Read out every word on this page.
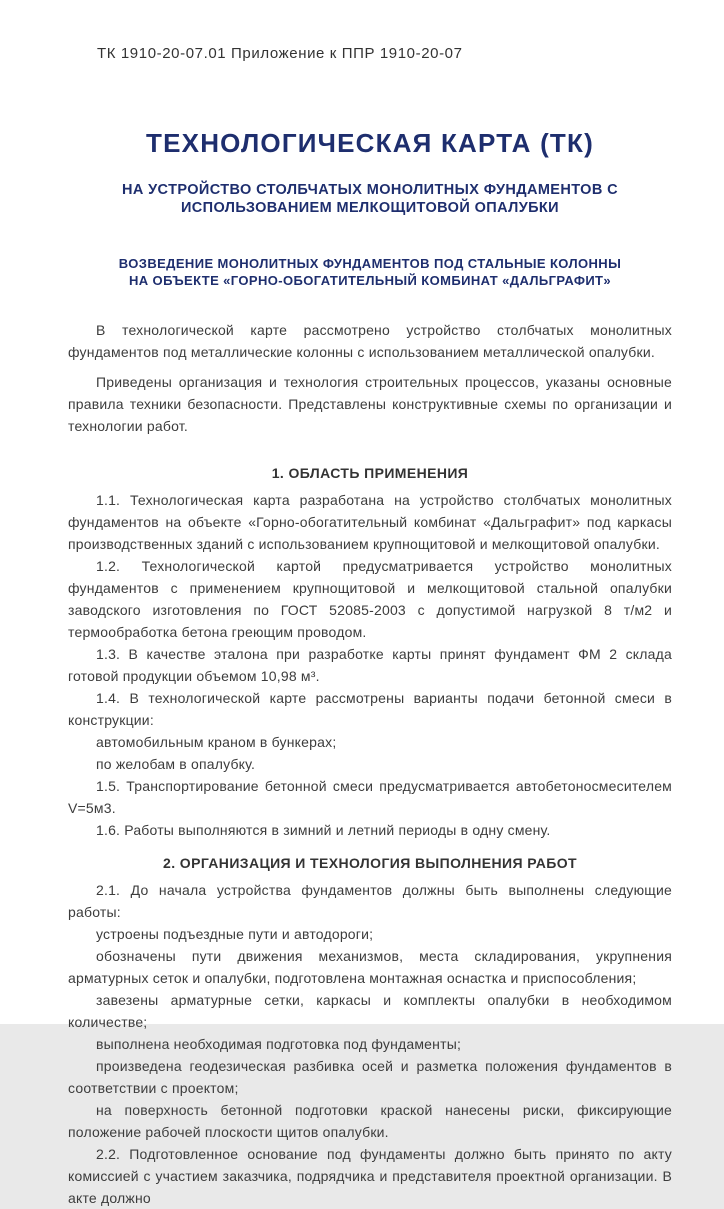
ТК 1910-20-07.01 Приложение к ППР 1910-20-07
ТЕХНОЛОГИЧЕСКАЯ КАРТА (ТК)
НА УСТРОЙСТВО СТОЛБЧАТЫХ МОНОЛИТНЫХ ФУНДАМЕНТОВ С ИСПОЛЬЗОВАНИЕМ МЕЛКОЩИТОВОЙ ОПАЛУБКИ
ВОЗВЕДЕНИЕ МОНОЛИТНЫХ ФУНДАМЕНТОВ ПОД СТАЛЬНЫЕ КОЛОННЫ НА ОБЪЕКТЕ «ГОРНО-ОБОГАТИТЕЛЬНЫЙ КОМБИНАТ «ДАЛЬГРАФИТ»

В технологической карте рассмотрено устройство столбчатых монолитных фундаментов под металлические колонны с использованием металлической опалубки.

Приведены организация и технология строительных процессов, указаны основные правила техники безопасности. Представлены конструктивные схемы по организации и технологии работ.

1. ОБЛАСТЬ ПРИМЕНЕНИЯ

1.1. Технологическая карта разработана на устройство столбчатых монолитных фундаментов на объекте «Горно-обогатительный комбинат «Дальграфит» под каркасы производственных зданий с использованием крупнощитовой и мелкощитовой опалубки.

1.2. Технологической картой предусматривается устройство монолитных фундаментов с применением крупнощитовой и мелкощитовой стальной опалубки заводского изготовления по ГОСТ 52085-2003 с допустимой нагрузкой 8 т/м2 и термообработка бетона греющим проводом.

1.3. В качестве эталона при разработке карты принят фундамент ФМ 2 склада готовой продукции объемом 10,98 м³.

1.4. В технологической карте рассмотрены варианты подачи бетонной смеси в конструкции:

автомобильным краном в бункерах;

по желобам в опалубку.

1.5. Транспортирование бетонной смеси предусматривается автобетоносмесителем V=5м3.

1.6. Работы выполняются в зимний и летний периоды в одну смену.

2. ОРГАНИЗАЦИЯ И ТЕХНОЛОГИЯ ВЫПОЛНЕНИЯ РАБОТ

2.1. До начала устройства фундаментов должны быть выполнены следующие работы:

устроены подъездные пути и автодороги;

обозначены пути движения механизмов, места складирования, укрупнения арматурных сеток и опалубки, подготовлена монтажная оснастка и приспособления;

завезены арматурные сетки, каркасы и комплекты опалубки в необходимом количестве;

выполнена необходимая подготовка под фундаменты;

произведена геодезическая разбивка осей и разметка положения фундаментов в соответствии с проектом;

на поверхность бетонной подготовки краской нанесены риски, фиксирующие положение рабочей плоскости щитов опалубки.

2.2. Подготовленное основание под фундаменты должно быть принято по акту комиссией с участием заказчика, подрядчика и представителя проектной организации. В акте должно
